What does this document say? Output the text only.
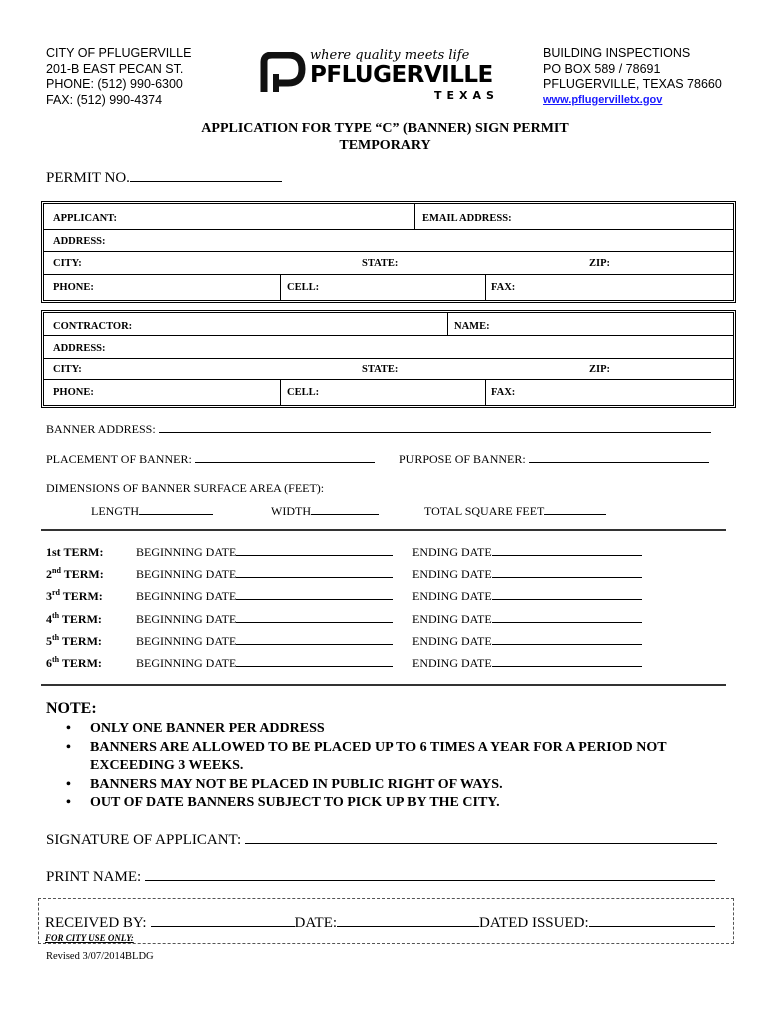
CITY OF PFLUGERVILLE
201-B EAST PECAN ST.
PHONE: (512) 990-6300
FAX: (512) 990-4374
where quality meets life
PFLUGERVILLE
TEXAS
BUILDING INSPECTIONS
PO BOX 589 / 78691
PFLUGERVILLE, TEXAS 78660
www.pflugervilletx.gov
APPLICATION FOR TYPE “C” (BANNER) SIGN PERMIT
TEMPORARY
PERMIT NO.
APPLICANT:	EMAIL ADDRESS:
ADDRESS:
CITY:	STATE:	ZIP:
PHONE:	CELL:	FAX:
CONTRACTOR:	NAME:
ADDRESS:
CITY:	STATE:	ZIP:
PHONE:	CELL:	FAX:
BANNER ADDRESS:
PLACEMENT OF BANNER:	PURPOSE OF BANNER:
DIMENSIONS OF BANNER SURFACE AREA (FEET):
LENGTH	WIDTH	TOTAL SQUARE FEET
1st TERM:	BEGINNING DATE	ENDING DATE
2nd TERM:	BEGINNING DATE	ENDING DATE
3rd TERM:	BEGINNING DATE	ENDING DATE
4th TERM:	BEGINNING DATE	ENDING DATE
5th TERM:	BEGINNING DATE	ENDING DATE
6th TERM:	BEGINNING DATE	ENDING DATE
NOTE:
•	ONLY ONE BANNER PER ADDRESS
•	BANNERS ARE ALLOWED TO BE PLACED UP TO 6 TIMES A YEAR FOR A PERIOD NOT EXCEEDING 3 WEEKS.
•	BANNERS MAY NOT BE PLACED IN PUBLIC RIGHT OF WAYS.
•	OUT OF DATE BANNERS SUBJECT TO PICK UP BY THE CITY.
SIGNATURE OF APPLICANT:
PRINT NAME:
RECEIVED BY:	DATE:	DATED ISSUED:
FOR CITY USE ONLY:
Revised 3/07/2014BLDG
